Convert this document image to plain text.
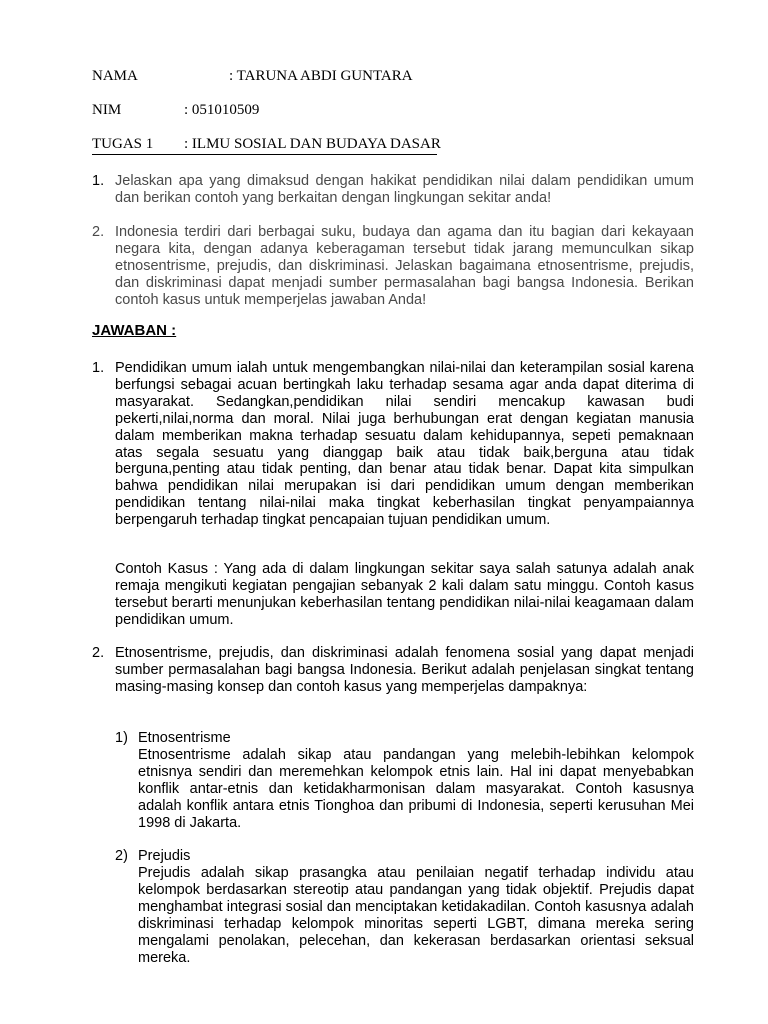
NAMA	: TARUNA ABDI GUNTARA
NIM	: 051010509
TUGAS 1 : ILMU SOSIAL DAN BUDAYA DASAR
1. Jelaskan apa yang dimaksud dengan hakikat pendidikan nilai dalam pendidikan umum dan berikan contoh yang berkaitan dengan lingkungan sekitar anda!
2. Indonesia terdiri dari berbagai suku, budaya dan agama dan itu bagian dari kekayaan negara kita, dengan adanya keberagaman tersebut tidak jarang memunculkan sikap etnosentrisme, prejudis, dan diskriminasi. Jelaskan bagaimana etnosentrisme, prejudis, dan diskriminasi dapat menjadi sumber permasalahan bagi bangsa Indonesia. Berikan contoh kasus untuk memperjelas jawaban Anda!
JAWABAN :
1. Pendidikan umum ialah untuk mengembangkan nilai-nilai dan keterampilan sosial karena berfungsi sebagai acuan bertingkah laku terhadap sesama agar anda dapat diterima di masyarakat. Sedangkan,pendidikan nilai sendiri mencakup kawasan budi pekerti,nilai,norma dan moral. Nilai juga berhubungan erat dengan kegiatan manusia dalam memberikan makna terhadap sesuatu dalam kehidupannya, sepeti pemaknaan atas segala sesuatu yang dianggap baik atau tidak baik,berguna atau tidak berguna,penting atau tidak penting, dan benar atau tidak benar. Dapat kita simpulkan bahwa pendidikan nilai merupakan isi dari pendidikan umum dengan memberikan pendidikan tentang nilai-nilai maka tingkat keberhasilan tingkat penyampaiannya berpengaruh terhadap tingkat pencapaian tujuan pendidikan umum.
Contoh Kasus : Yang ada di dalam lingkungan sekitar saya salah satunya adalah anak remaja mengikuti kegiatan pengajian sebanyak 2 kali dalam satu minggu. Contoh kasus tersebut berarti menunjukan keberhasilan tentang pendidikan nilai-nilai keagamaan dalam pendidikan umum.
2. Etnosentrisme, prejudis, dan diskriminasi adalah fenomena sosial yang dapat menjadi sumber permasalahan bagi bangsa Indonesia. Berikut adalah penjelasan singkat tentang masing-masing konsep dan contoh kasus yang memperjelas dampaknya:
1) Etnosentrisme
Etnosentrisme adalah sikap atau pandangan yang melebih-lebihkan kelompok etnisnya sendiri dan meremehkan kelompok etnis lain. Hal ini dapat menyebabkan konflik antar-etnis dan ketidakharmonisan dalam masyarakat. Contoh kasusnya adalah konflik antara etnis Tionghoa dan pribumi di Indonesia, seperti kerusuhan Mei 1998 di Jakarta.
2) Prejudis
Prejudis adalah sikap prasangka atau penilaian negatif terhadap individu atau kelompok berdasarkan stereotip atau pandangan yang tidak objektif. Prejudis dapat menghambat integrasi sosial dan menciptakan ketidakadilan. Contoh kasusnya adalah diskriminasi terhadap kelompok minoritas seperti LGBT, dimana mereka sering mengalami penolakan, pelecehan, dan kekerasan berdasarkan orientasi seksual mereka.
